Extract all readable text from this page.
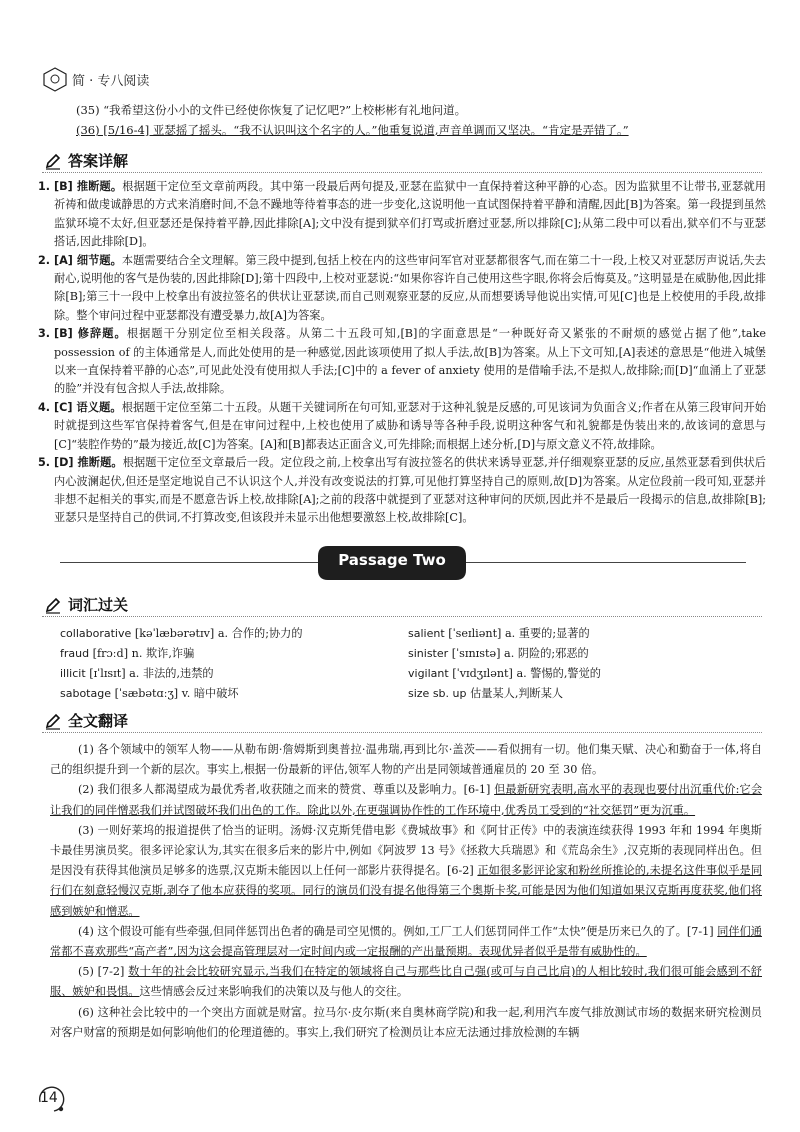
简 · 专八阅读
(35) “我希望这份小小的文件已经使你恢复了记忆吧?”上校彬彬有礼地问道。
(36) [5/16-4] 亚瑟摇了摇头。“我不认识叫这个名字的人。”他重复说道,声音单调而又坚决。“肯定是弄错了。”
答案详解
1. [B] 推断题。根据题干定位至文章前两段。其中第一段最后两句提及,亚瑟在监狱中一直保持着这种平静的心态。因为监狱里不让带书,亚瑟就用祈祷和做虔诚静思的方式来消磨时间,不急不躁地等待着事态的进一步变化,这说明他一直试图保持着平静和清醒,因此[B]为答案。第一段提到虽然监狱环境不太好,但亚瑟还是保持着平静,因此排除[A];文中没有提到狱卒们打骂或折磨过亚瑟,所以排除[C];从第二段中可以看出,狱卒们不与亚瑟搭话,因此排除[D]。
2. [A] 细节题。本题需要结合全文理解。第三段中提到,包括上校在内的这些审问军官对亚瑟都很客气,而在第二十一段,上校又对亚瑟厉声说话,失去耐心,说明他的客气是伪装的,因此排除[D];第十四段中,上校对亚瑟说:“如果你容许自己使用这些字眼,你将会后悔莫及。”这明显是在威胁他,因此排除[B];第三十一段中上校拿出有波拉签名的供状让亚瑟读,而自己则观察亚瑟的反应,从而想要诱导他说出实情,可见[C]也是上校使用的手段,故排除。整个审问过程中亚瑟都没有遭受暴力,故[A]为答案。
3. [B] 修辞题。根据题干分别定位至相关段落。从第二十五段可知,[B]的字面意思是“一种既好奇又紧张的不耐烦的感觉占据了他”,take possession of 的主体通常是人,而此处使用的是一种感觉,因此该项使用了拟人手法,故[B]为答案。从上下文可知,[A]表述的意思是“他进入城堡以来一直保持着平静的心态”,可见此处没有使用拟人手法;[C]中的 a fever of anxiety 使用的是借喻手法,不是拟人,故排除;而[D]“血涌上了亚瑟的脸”并没有包含拟人手法,故排除。
4. [C] 语义题。根据题干定位至第二十五段。从题干关键词所在句可知,亚瑟对于这种礼貌是反感的,可见该词为负面含义;作者在从第三段审问开始时就提到这些军官保持着客气,但是在审问过程中,上校也使用了威胁和诱导等各种手段,说明这种客气和礼貌都是伪装出来的,故该词的意思与[C]“装腔作势的”最为接近,故[C]为答案。[A]和[B]都表达正面含义,可先排除;而根据上述分析,[D]与原文意义不符,故排除。
5. [D] 推断题。根据题干定位至文章最后一段。定位段之前,上校拿出写有波拉签名的供状来诱导亚瑟,并仔细观察亚瑟的反应,虽然亚瑟看到供状后内心波澜起伏,但还是坚定地说自己不认识这个人,并没有改变说法的打算,可见他打算坚持自己的原则,故[D]为答案。从定位段前一段可知,亚瑟并非想不起相关的事实,而是不愿意告诉上校,故排除[A];之前的段落中就提到了亚瑟对这种审问的厌烦,因此并不是最后一段揭示的信息,故排除[B];亚瑟只是坚持自己的供词,不打算改变,但该段并未显示出他想要激怒上校,故排除[C]。
Passage Two
词汇过关
collaborative [kəˈlæbərətɪv] a. 合作的;协力的
fraud [frɔːd] n. 欺诈,诈骗
illicit [ɪˈlɪsɪt] a. 非法的,违禁的
sabotage [ˈsæbətɑːʒ] v. 暗中破坏
salient [ˈseɪliənt] a. 重要的;显著的
sinister [ˈsɪnɪstə] a. 阴险的;邪恶的
vigilant [ˈvɪdʒɪlənt] a. 警惕的,警觉的
size sb. up 估量某人,判断某人
全文翻译

(1) 各个领域中的领军人物——从勒布朗·詹姆斯到奥普拉·温弗瑞,再到比尔·盖茨——看似拥有一切。他们集天赋、决心和勤奋于一体,将自己的组织提升到一个新的层次。事实上,根据一份最新的评估,领军人物的产出是同领域普通雇员的 20 至 30 倍。

(2) 我们很多人都渴望成为最优秀者,收获随之而来的赞赏、尊重以及影响力。[6-1] 但最新研究表明,高水平的表现也要付出沉重代价:它会让我们的同伴憎恶我们并试图破坏我们出色的工作。除此以外,在更强调协作性的工作环境中,优秀员工受到的“社交惩罚”更为沉重。

(3) 一则好莱坞的报道提供了恰当的证明。汤姆·汉克斯凭借电影《费城故事》和《阿甘正传》中的表演连续获得 1993 年和 1994 年奥斯卡最佳男演员奖。很多评论家认为,其实在很多后来的影片中,例如《阿波罗 13 号》《拯救大兵瑞恩》和《荒岛余生》,汉克斯的表现同样出色。但是因没有获得其他演员足够多的选票,汉克斯未能因以上任何一部影片获得提名。[6-2] 正如很多影评论家和粉丝所推论的,未提名这件事似乎是同行们在刻意轻慢汉克斯,剥夺了他本应获得的奖项。同行的演员们没有提名他得第三个奥斯卡奖,可能是因为他们知道如果汉克斯再度获奖,他们将感到嫉妒和憎恶。

(4) 这个假设可能有些牵强,但同伴惩罚出色者的确是司空见惯的。例如,工厂工人们惩罚同伴工作“太快”便是历来已久的了。[7-1] 同伴们通常都不喜欢那些“高产者”,因为这会提高管理层对一定时间内或一定报酬的产出量预期。表现优异者似乎是带有威胁性的。

(5) [7-2] 数十年的社会比较研究显示,当我们在特定的领域将自己与那些比自己强(或可与自己比肩)的人相比较时,我们很可能会感到不舒服、嫉妒和畏惧。这些情感会反过来影响我们的决策以及与他人的交往。

(6) 这种社会比较中的一个突出方面就是财富。拉马尔·皮尔斯(来自奥林商学院)和我一起,利用汽车废气排放测试市场的数据来研究检测员对客户财富的预期是如何影响他们的伦理道德的。事实上,我们研究了检测员让本应无法通过排放检测的车辆

14
